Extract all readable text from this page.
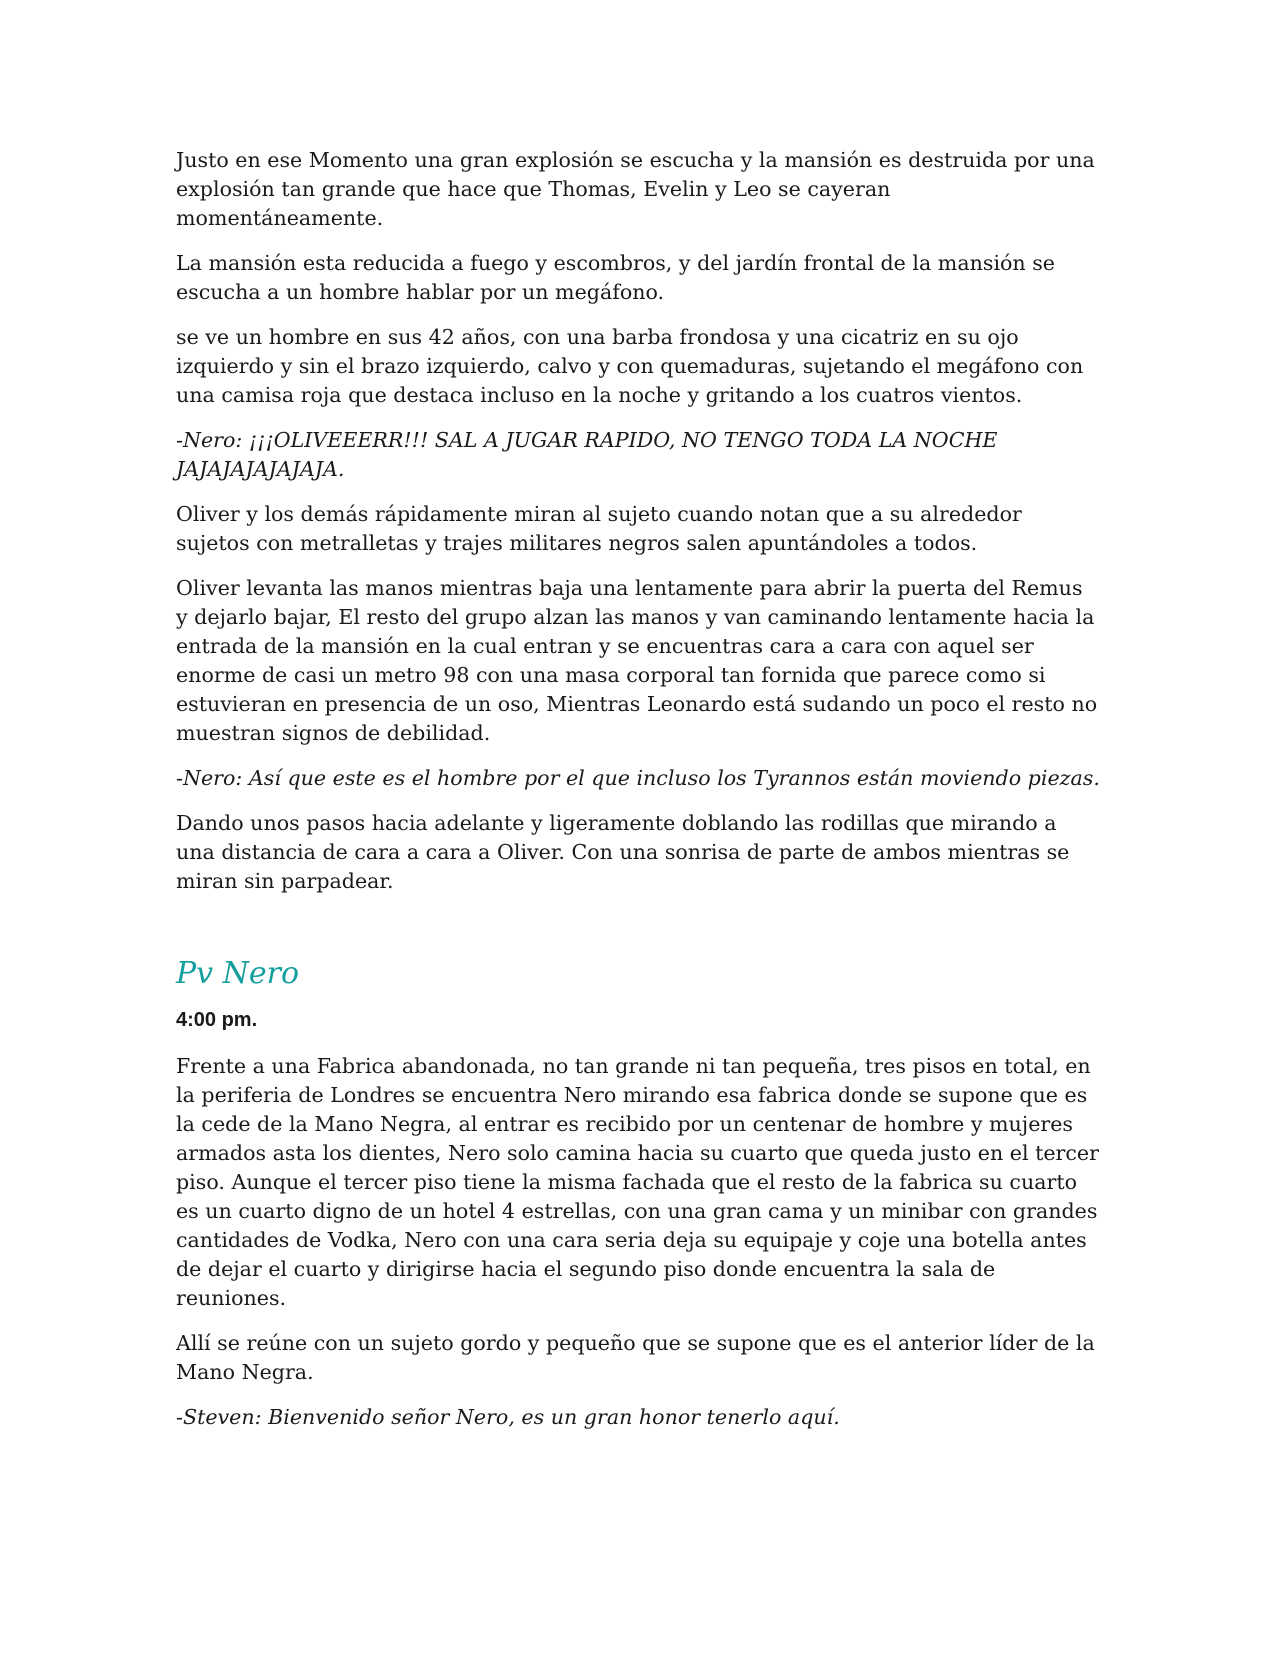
Justo en ese Momento una gran explosión se escucha y la mansión es destruida por una explosión tan grande que hace que Thomas, Evelin y Leo se cayeran momentáneamente.

La mansión esta reducida a fuego y escombros, y del jardín frontal de la mansión se escucha a un hombre hablar por un megáfono.

se ve un hombre en sus 42 años, con una barba frondosa y una cicatriz en su ojo izquierdo y sin el brazo izquierdo, calvo y con quemaduras, sujetando el megáfono con una camisa roja que destaca incluso en la noche y gritando a los cuatros vientos.

-Nero: ¡¡¡OLIVEEERR!!! SAL A JUGAR RAPIDO, NO TENGO TODA LA NOCHE JAJAJAJAJAJAJA.

Oliver y los demás rápidamente miran al sujeto cuando notan que a su alrededor sujetos con metralletas y trajes militares negros salen apuntándoles a todos.

Oliver levanta las manos mientras baja una lentamente para abrir la puerta del Remus y dejarlo bajar, El resto del grupo alzan las manos y van caminando lentamente hacia la entrada de la mansión en la cual entran y se encuentras cara a cara con aquel ser enorme de casi un metro 98 con una masa corporal tan fornida que parece como si estuvieran en presencia de un oso, Mientras Leonardo está sudando un poco el resto no muestran signos de debilidad.

-Nero: Así que este es el hombre por el que incluso los Tyrannos están moviendo piezas.

Dando unos pasos hacia adelante y ligeramente doblando las rodillas que mirando a una distancia de cara a cara a Oliver. Con una sonrisa de parte de ambos mientras se miran sin parpadear.

Pv Nero
4:00 pm.

Frente a una Fabrica abandonada, no tan grande ni tan pequeña, tres pisos en total, en la periferia de Londres se encuentra Nero mirando esa fabrica donde se supone que es la cede de la Mano Negra, al entrar es recibido por un centenar de hombre y mujeres armados asta los dientes, Nero solo camina hacia su cuarto que queda justo en el tercer piso. Aunque el tercer piso tiene la misma fachada que el resto de la fabrica su cuarto es un cuarto digno de un hotel 4 estrellas, con una gran cama y un minibar con grandes cantidades de Vodka, Nero con una cara seria deja su equipaje y coje una botella antes de dejar el cuarto y dirigirse hacia el segundo piso donde encuentra la sala de reuniones.

Allí se reúne con un sujeto gordo y pequeño que se supone que es el anterior líder de la Mano Negra.

-Steven: Bienvenido señor Nero, es un gran honor tenerlo aquí.
